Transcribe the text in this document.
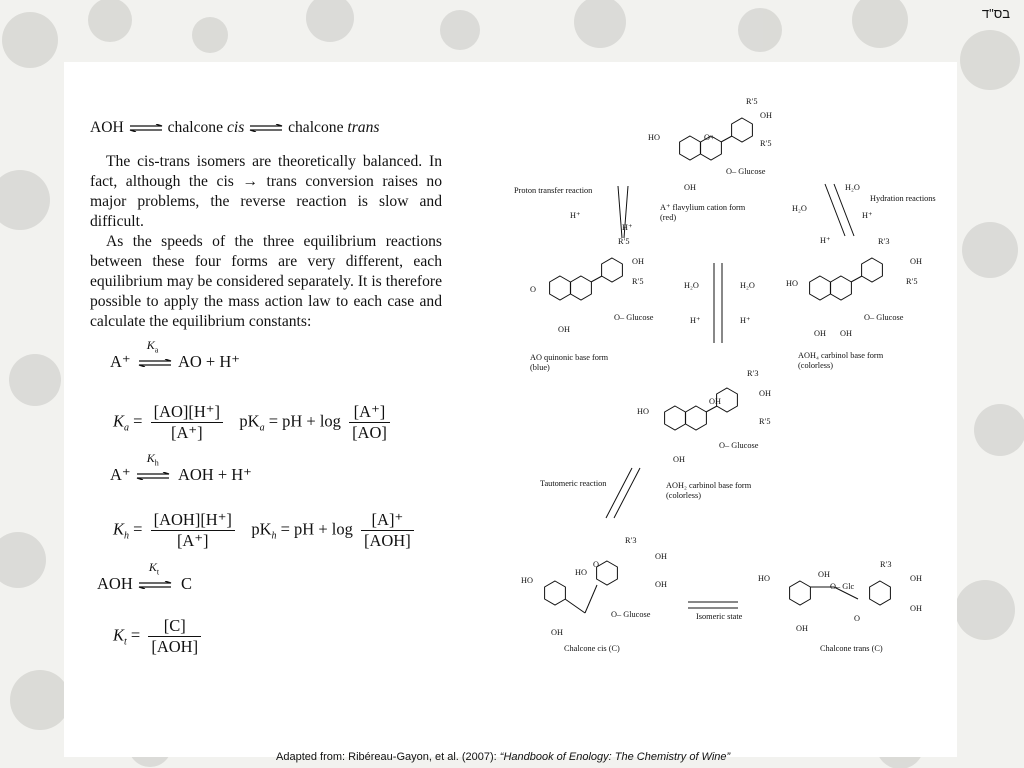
בס"ד
AOH ⇌ chalcone cis ⇌ chalcone trans

The cis-trans isomers are theoretically balanced. In fact, although the cis → trans conversion raises no major problems, the reverse reaction is slow and difficult.

As the speeds of the three equilibrium reactions between these four forms are very different, each equilibrium may be considered separately. It is therefore possible to apply the mass action law to each case and calculate the equilibrium constants:

A⁺
$K_a$
AO + H⁺
$K_a = \frac{[AO][H^+]}{[A^+]} pK_a$ = pH + $\log \frac{[A^+]}{[AO]}$
A⁺
$K_h$
AOH + H⁺
$K_h = \frac{\text{[AOH][H⁺]}}{[A^+]} pK_h$ = pH + $\log \frac{[A]^+}{\text{[AOH]}}$
AOH
$K_t$
C
$K_t = \frac{[C]}{\text{[AOH]}}$
HO	O+
OH
O– Glucose
R′5
OH
R′5
A⁺ flavylium cation form
(red)
Proton transfer reaction
H⁺
H⁺
Hydration reactions
H₂O
H₂O
H⁺
H⁺
O
OH
O– Glucose
R′5
OH
R′5
AO quinonic base form
(blue)
H₂O	H₂O
H⁺	H⁺
HO
OH OH
O– Glucose
R′3
OH
R′5
AOH₄ carbinol base form
(colorless)
HO
OH
OH
O– Glucose
R′3
OH
R′5
AOH₂ carbinol base form
(colorless)
Tautomeric reaction
HO
HO
O
OH
O– Glucose
R′3
OH
OH
Chalcone cis (C)
Isomeric state
HO	OH
O– Glc
OH
O
R′3
OH
OH
Chalcone trans (C)
Adapted from: Ribéreau-Gayon, et al. (2007): “Handbook of Enology: The Chemistry of Wine”
